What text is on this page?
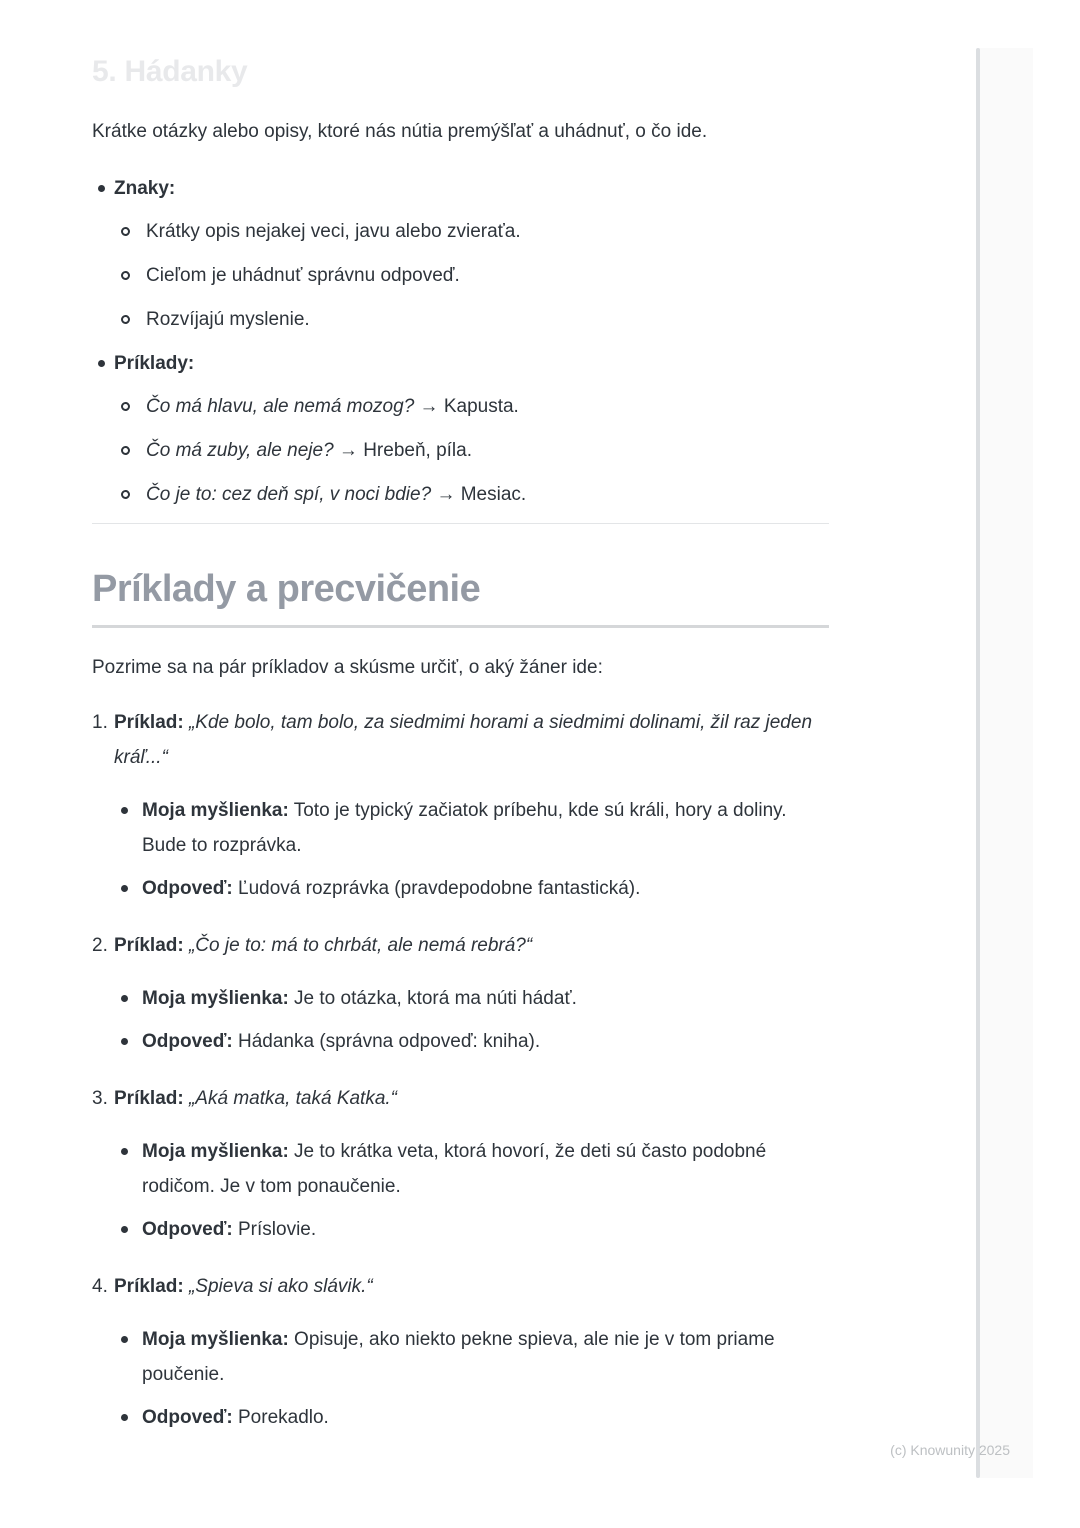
5. Hádanky

Krátke otázky alebo opisy, ktoré nás nútia premýšľať a uhádnuť, o čo ide.

Znaky:
Krátky opis nejakej veci, javu alebo zvieraťa.
Cieľom je uhádnuť správnu odpoveď.
Rozvíjajú myslenie.
Príklady:
Čo má hlavu, ale nemá mozog? → Kapusta.
Čo má zuby, ale neje? → Hrebeň, píla.
Čo je to: cez deň spí, v noci bdie? → Mesiac.
Príklady a precvičenie

Pozrime sa na pár príkladov a skúsme určiť, o aký žáner ide:

1. Príklad: „Kde bolo, tam bolo, za siedmimi horami a siedmimi dolinami, žil raz jeden kráľ...“

Moja myšlienka: Toto je typický začiatok príbehu, kde sú králi, hory a doliny. Bude to rozprávka.
Odpoveď: Ľudová rozprávka (pravdepodobne fantastická).

2. Príklad: „Čo je to: má to chrbát, ale nemá rebrá?“

Moja myšlienka: Je to otázka, ktorá ma núti hádať.
Odpoveď: Hádanka (správna odpoveď: kniha).

3. Príklad: „Aká matka, taká Katka.“

Moja myšlienka: Je to krátka veta, ktorá hovorí, že deti sú často podobné rodičom. Je v tom ponaučenie.
Odpoveď: Príslovie.

4. Príklad: „Spieva si ako slávik.“

Moja myšlienka: Opisuje, ako niekto pekne spieva, ale nie je v tom priame poučenie.
Odpoveď: Porekadlo.
(c) Knowunity 2025
